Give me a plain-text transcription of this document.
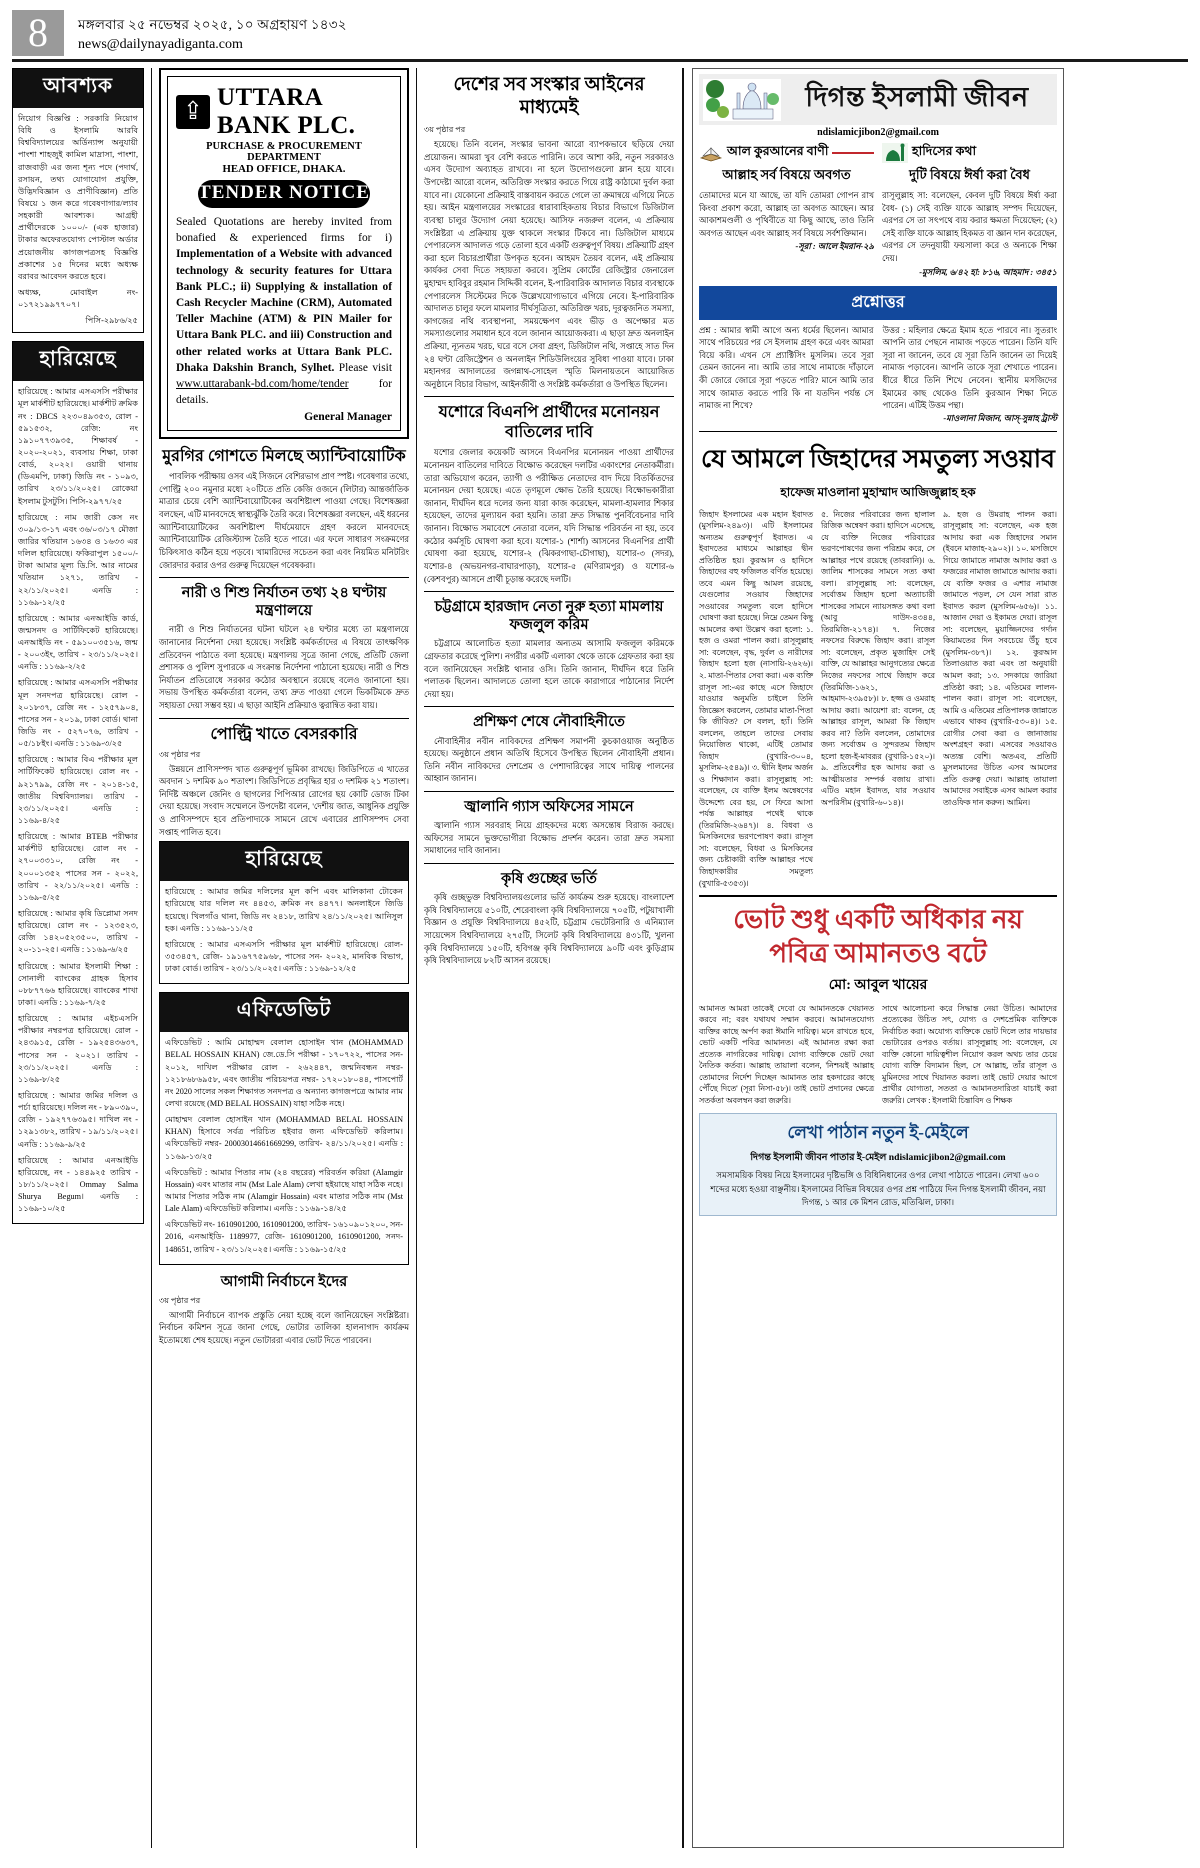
8	মঙ্গলবার ২৫ নভেম্বর ২০২৫, ১০ অগ্রহায়ণ ১৪৩২
news@dailynayadiganta.com
আবশ্যক
নিয়োগ বিজ্ঞপ্তি : সরকারি নিয়োগ বিধি ও ইসলামি আরবি বিশ্ববিদ্যালয়ের অর্ডিন্যান্স অনুযায়ী পাংশা শাহজুই কামিল মাদ্রাসা, পাংশা, রাজবাড়ী এর জন্য শূন্য পদে (পদার্থ, রসায়ন, তথ্য যোগাযোগ প্রযুক্তি, উদ্ভিদবিজ্ঞান ও প্রাণীবিজ্ঞান) প্রতি বিষয়ে ১ জন করে গবেষণাগার/ল্যাব সহকারী আবশ্যক। আগ্রহী প্রার্থীদেরকে ১০০০/- (এক হাজার) টাকার অফেরতযোগ্য পোস্টাল অর্ডার প্রয়োজনীয় কাগজপত্রসহ বিজ্ঞপ্তি প্রকাশের ১৫ দিনের মধ্যে অধ্যক্ষ বরাবর আবেদন করতে হবে।
অধ্যক্ষ, মোবাইল নং- ০১৭২১৯৯৭৭০৭।
পিসি-২৯৮৬/২৫
হারিয়েছে
হারিয়েছে : আমার এসএসসি পরীক্ষার মূল মার্কশীট হারিয়েছে। মার্কশীট ক্রমিক নং : DBCS ২২৩০৪৯৩৫৩, রোল - ৫৯১৫৩২, রেজি: নং ১৯১০৭৭৩৯৩৫, শিক্ষাবর্ষ - ২০২০-২০২১, ব্যবসায় শিক্ষা, ঢাকা বোর্ড, ২০২২। ওয়ারী থানায় (ডিএমপি, ঢাকা) জিডি নং - ১০৯৩, তারিখ ২৩/১১/২০২৫। রোকেয়া ইসলাম টুসটুসি। পিসি-২৯৭৭/২৫
হারিয়েছে : নাম জারী কেস নং ৩০৯/১৩-১৭ এবং ৩৬/০৩/১৭ মৌজা জারির খতিয়ান ১৬৩৪ ও ১৬৩৩ এর দলিল হারিয়েছে। ফকিরাপুল ১৫০০/- টাকা আমার মূল্য ডি.সি. আর নামের খতিয়ান ১২৭১, তারিখ - ২২/১১/২০২৫। এনডি : ১১৬৯-১২/২৫
হারিয়েছে : আমার এনআইডি কার্ড, জন্মসনদ ও সার্টিফিকেট হারিয়েছে। এনআইডি নং - ৫৯১০০৩৫১৬, জন্ম - ২০০৩ইং, তারিখ - ২৩/১১/২০২৫। এনডি : ১১৬৯-২/২৫
হারিয়েছে : আমার এসএসসি পরীক্ষার মূল সনদপত্র হারিয়েছে। রোল - ২০১৮৩৭, রেজি নং - ১২৫৭৯০৪, পাসের সন - ২০১৯, ঢাকা বোর্ড। থানা জিডি নং - ৫২৭০৭৬, তারিখ - ০৫/১৮ইং। এনডি : ১১৬৯-৩/২৫
হারিয়েছে : আমার বিএ পরীক্ষার মূল সার্টিফিকেট হারিয়েছে। রোল নং - ৯২১৭৯৯, রেজি নং - ২০১৪-১৫, জাতীয় বিশ্ববিদ্যালয়। তারিখ - ২৩/১১/২০২৫। এনডি : ১১৬৯-৪/২৫
হারিয়েছে : আমার BTEB পরীক্ষার মার্কশীট হারিয়েছে। রোল নং - ২৭০০৩৩১০, রেজি নং - ২০০০১৩৫২ পাসের সন - ২০২২, তারিখ - ২২/১১/২০২৫। এনডি : ১১৬৯-৫/২৫
হারিয়েছে : আমার কৃষি ডিপ্লোমা সনদ হারিয়েছে। রোল নং - ১২৩৫২৩, রেজি ১৪২০৫২৩৫০০, তারিখ - ২০-১১-২৫। এনডি : ১১৬৯-৬/২৫
হারিয়েছে : আমার ইসলামী শিক্ষা : সোনালী ব্যাংকের গ্রাহক হিসাব ০৮৮৭৭৬৬ হারিয়েছে। ব্যাংকের শাখা ঢাকা। এনডি : ১১৬৯-৭/২৫
হারিয়েছে : আমার এইচএসসি পরীক্ষার নম্বরপত্র হারিয়েছে। রোল - ২৪৩৯১৫, রেজি - ১৯২৫৪৩৬৩৭, পাসের সন - ২০২১। তারিখ - ২৩/১১/২০২৫। এনডি : ১১৬৯-৮/২৫
হারিয়েছে : আমার জমির দলিল ও পর্চা হারিয়েছে। দলিল নং - ৮৯০৩৯০, রেজি - ১৯২৭৭৬৩৯৫। দাখিল নং - ১২৯১৩৮২, তারিখ - ১৯/১১/২০২৫। এনডি : ১১৬৯-৯/২৫
হারিয়েছে : আমার এনআইডি হারিয়েছে, নং - ১৪৪৯২৫ তারিখ - ১৮/১১/২০২৫। Ommay Salma Shurya Begum। এনডি : ১১৬৯-১০/২৫
⇪
UTTARA BANK PLC.
PURCHASE & PROCUREMENT DEPARTMENT
HEAD OFFICE, DHAKA.
TENDER NOTICE
Sealed Quotations are hereby invited from bonafied & experienced firms for i) Implementation of a Website with advanced technology & security features for Uttara Bank PLC.; ii) Supplying & installation of Cash Recycler Machine (CRM), Automated Teller Machine (ATM) & PIN Mailer for Uttara Bank PLC. and iii) Construction and other related works at Uttara Bank PLC. Dhaka Dakshin Branch, Sylhet. Please visit www.uttarabank-bd.com/home/tender for details.
General Manager
মুরগির গোশতে মিলছে অ্যান্টিবায়োটিক

পাবলিক পরীক্ষায় ওসব এই সিজনে বেশিরভাগ প্রাণ স্পষ্ট। গবেষণার তথ্যে, পোল্ট্রি ২০০ নমুনার মধ্যে ২০টিতে প্রতি কেজি ওজনে (লিটার) আন্তর্জাতিক মাত্রার চেয়ে বেশি অ্যান্টিবায়োটিকের অবশিষ্টাংশ পাওয়া গেছে। বিশেষজ্ঞরা বলছেন, এটি মানবদেহে স্বাস্থ্যঝুঁকি তৈরি করে। বিশেষজ্ঞরা বলছেন, এই ধরনের অ্যান্টিবায়োটিকের অবশিষ্টাংশ দীর্ঘমেয়াদে গ্রহণ করলে মানবদেহে অ্যান্টিবায়োটিক রেজিস্ট্যান্স তৈরি হতে পারে। এর ফলে সাধারণ সংক্রমণের চিকিৎসাও কঠিন হয়ে পড়বে। খামারিদের সচেতন করা এবং নিয়মিত মনিটরিং জোরদার করার ওপর গুরুত্ব দিয়েছেন গবেষকরা।

নারী ও শিশু নির্যাতন তথ্য ২৪ ঘণ্টায় মন্ত্রণালয়ে

নারী ও শিশু নির্যাতনের ঘটনা ঘটলে ২৪ ঘণ্টার মধ্যে তা মন্ত্রণালয়ে জানানোর নির্দেশনা দেয়া হয়েছে। সংশ্লিষ্ট কর্মকর্তাদের এ বিষয়ে তাৎক্ষণিক প্রতিবেদন পাঠাতে বলা হয়েছে। মন্ত্রণালয় সূত্রে জানা গেছে, প্রতিটি জেলা প্রশাসক ও পুলিশ সুপারকে এ সংক্রান্ত নির্দেশনা পাঠানো হয়েছে। নারী ও শিশু নির্যাতন প্রতিরোধে সরকার কঠোর অবস্থানে রয়েছে বলেও জানানো হয়। সভায় উপস্থিত কর্মকর্তারা বলেন, তথ্য দ্রুত পাওয়া গেলে ভিকটিমকে দ্রুত সহায়তা দেয়া সম্ভব হয়। এ ছাড়া আইনি প্রক্রিয়াও ত্বরান্বিত করা যায়।

পোল্ট্রি খাতে বেসরকারি
৩য় পৃষ্ঠার পর

উন্নয়নে প্রাণিসম্পদ খাত গুরুত্বপূর্ণ ভূমিকা রাখছে। জিডিপিতে এ খাতের অবদান ১ দশমিক ৯০ শতাংশ। জিডিপিতে প্রবৃদ্ধির হার ৩ দশমিক ২১ শতাংশ। নির্দিষ্ট অঞ্চলে জেনিং ও ছাগলের পিপিআর রোগের ছয় কোটি ডোজ টিকা দেয়া হয়েছে। সংবাদ সম্মেলনে উপদেষ্টা বলেন, 'দেশীয় জাত, আধুনিক প্রযুক্তি ও প্রাণিসম্পদে হবে প্রতিপাদ্যকে সামনে রেখে এবারের প্রাণিসম্পদ সেবা সপ্তাহ পালিত হবে।

হারিয়েছে
হারিয়েছে : আমার জমির দলিলের মূল কপি এবং মালিকানা টোকেন হারিয়েছে যার দলিল নং ৪৪৫৩, ক্রমিক নং ৪৪৭৭। অনলাইনে জিডি হয়েছে। খিলগাঁও থানা, জিডি নং ২৪১৮, তারিখ ২৪/১১/২০২৫। আনিসুল হক। এনডি : ১১৬৯-১১/২৫
হারিয়েছে : আমার এসএসসি পরীক্ষার মূল মার্কশীট হারিয়েছে। রোল- ৩৫৩৪৫৭, রেজি- ১৯১৬৭৭৫৯৬৮, পাসের সন- ২০২২, মানবিক বিভাগ, ঢাকা বোর্ড। তারিখ - ২৩/১১/২০২৫। এনডি : ১১৬৯-১২/২৫
এফিডেভিট
এফিডেভিট : আমি মোহাম্মদ বেলাল হোসাইন খান (MOHAMMAD BELAL HOSSAIN KHAN) জে.ডে.সি পরীক্ষা - ১৭০৭২২, পাসের সন- ২০১২, দাখিল পরীক্ষার রোল - ২৬২৪৪৭, জন্মনিবন্ধন নম্বর- ১২১৮৬৮৬৯৫৮, এবং জাতীয় পরিচয়পত্র নম্বর- ১৭২০১৮০৪৪, পাসপোর্ট নং 2020 সালের সকল শিক্ষাগত সনদপত্র ও অন্যান্য কাগজপত্রে আমার নাম লেখা রয়েছে (MD BELAL HOSSAIN) যাহা সঠিক নহে।
মোহাম্মদ বেলাল হোসাইন খান (MOHAMMAD BELAL HOSSAIN KHAN) হিসাবে সর্বত্র পরিচিত হইবার জন্য এফিডেভিট করিলাম। এফিডেভিট নম্বর- 20003014661669299, তারিখ- ২৪/১১/২০২৫। এনডি : ১১৬৯-১৩/২৫
এফিডেভিট : আমার পিতার নাম (২৪ বছরের) পরিবর্তন করিয়া (Alamgir Hossain) এবং মাতার নাম (Mst Lale Alam) লেখা হইয়াছে যাহা সঠিক নহে। আমার পিতার সঠিক নাম (Alamgir Hossain) এবং মাতার সঠিক নাম (Mst Lale Alam) এফিডেভিট করিলাম। এনডি : ১১৬৯-১৪/২৫
এফিডেভিট নং- 1610901200, 1610901200, তারিখ- ১৬১০৯০১২০০, সন- 2016, এনআইডি- 1189977, রেজি- 1610901200, 1610901200, সনদ- 148651, তারিখ - ২৩/১১/২০২৫। এনডি : ১১৬৯-১৫/২৫
আগামী নির্বাচনে ইদের
৩য় পৃষ্ঠার পর

আগামী নির্বাচনে ব্যাপক প্রস্তুতি নেয়া হচ্ছে বলে জানিয়েছেন সংশ্লিষ্টরা। নির্বাচন কমিশন সূত্রে জানা গেছে, ভোটার তালিকা হালনাগাদ কার্যক্রম ইতোমধ্যে শেষ হয়েছে। নতুন ভোটাররা এবার ভোট দিতে পারবেন।

দেশের সব সংস্কার আইনের মাধ্যমেই
৩য় পৃষ্ঠার পর

হয়েছে। তিনি বলেন, সংস্কার ভাবনা আরো ব্যাপকভাবে ছড়িয়ে দেয়া প্রয়োজন। আমরা খুব বেশি করতে পারিনি। তবে আশা করি, নতুন সরকারও এসব উদ্যোগ অব্যাহত রাখবে। না হলে উদ্যোগগুলো ম্লান হয়ে যাবে। উপদেষ্টা আরো বলেন, অতিরিক্ত সংস্কার করতে গিয়ে রাষ্ট্র কাঠামো দুর্বল করা যাবে না। যেকোনো প্রক্রিয়াই বাস্তবায়ন করতে গেলে তা ক্রমান্বয়ে এগিয়ে নিতে হয়। আইন মন্ত্রণালয়ের সংস্কারের ধারাবাহিকতায় বিচার বিভাগে ডিজিটাল ব্যবস্থা চালুর উদ্যোগ নেয়া হয়েছে। আসিফ নজরুল বলেন, এ প্রক্রিয়ায় সংশ্লিষ্টরা এ প্রক্রিয়ায় যুক্ত থাকলে সংস্কার টিকবে না। ডিজিটাল মাধ্যমে পেপারলেস আদালত গড়ে তোলা হবে একটি গুরুত্বপূর্ণ বিষয়। প্রক্রিয়াটি গ্রহণ করা হলে বিচারপ্রার্থীরা উপকৃত হবেন। আহমদ তৈয়ব বলেন, এই প্রক্রিয়ায় কার্যকর সেবা দিতে সহায়তা করবে। সুপ্রিম কোর্টের রেজিস্ট্রার জেনারেল মুহাম্মদ হাবিবুর রহমান সিদ্দিকী বলেন, ই-পারিবারিক আদালত বিচার ব্যবস্থাকে পেপারলেস সিস্টেমের দিকে উল্লেখযোগ্যভাবে এগিয়ে নেবে। ই-পারিবারিক আদালত চালুর ফলে মামলার দীর্ঘসূত্রিতা, অতিরিক্ত খরচ, দূরত্বজনিত সমস্যা, কাগজের নথি ব্যবস্থাপনা, সময়ক্ষেপণ এবং ভীড় ও অপেক্ষার মত সমস্যাগুলোর সমাধান হবে বলে জানান আয়োজকরা। এ ছাড়া দ্রুত অনলাইন প্রক্রিয়া, ন্যূনতম খরচ, ঘরে বসে সেবা গ্রহণ, ডিজিটাল নথি, সপ্তাহে সাত দিন ২৪ ঘণ্টা রেজিস্ট্রেশন ও অনলাইন শিডিউলিংয়ের সুবিধা পাওয়া যাবে। ঢাকা মহানগর আদালতের জগন্নাথ-সোহেল স্মৃতি মিলনায়তনে আয়োজিত অনুষ্ঠানে বিচার বিভাগ, আইনজীবী ও সংশ্লিষ্ট কর্মকর্তারা ও উপস্থিত ছিলেন।

যশোরে বিএনপি প্রার্থীদের মনোনয়ন বাতিলের দাবি

যশোর জেলার কয়েকটি আসনে বিএনপির মনোনয়ন পাওয়া প্রার্থীদের মনোনয়ন বাতিলের দাবিতে বিক্ষোভ করেছেন দলটির একাংশের নেতাকর্মীরা। তারা অভিযোগ করেন, ত্যাগী ও পরীক্ষিত নেতাদের বাদ দিয়ে বিতর্কিতদের মনোনয়ন দেয়া হয়েছে। এতে তৃণমূলে ক্ষোভ তৈরি হয়েছে। বিক্ষোভকারীরা জানান, দীর্ঘদিন ধরে দলের জন্য যারা কাজ করেছেন, মামলা-হামলার শিকার হয়েছেন, তাদের মূল্যায়ন করা হয়নি। তারা দ্রুত সিদ্ধান্ত পুনর্বিবেচনার দাবি জানান। বিক্ষোভ সমাবেশে নেতারা বলেন, যদি সিদ্ধান্ত পরিবর্তন না হয়, তবে কঠোর কর্মসূচি ঘোষণা করা হবে। যশোর-১ (শার্শা) আসনের বিএনপির প্রার্থী ঘোষণা করা হয়েছে, যশোর-২ (ঝিকরগাছা-চৌগাছা), যশোর-৩ (সদর), যশোর-৪ (অভয়নগর-বাঘারপাড়া), যশোর-৫ (মণিরামপুর) ও যশোর-৬ (কেশবপুর) আসনে প্রার্থী চূড়ান্ত করেছে দলটি।

চট্টগ্রামে হারজাদ নেতা নুরু হত্যা মামলায় ফজলুল করিম

চট্টগ্রামে আলোচিত হত্যা মামলার অন্যতম আসামি ফজলুল করিমকে গ্রেফতার করেছে পুলিশ। নগরীর একটি এলাকা থেকে তাকে গ্রেফতার করা হয় বলে জানিয়েছেন সংশ্লিষ্ট থানার ওসি। তিনি জানান, দীর্ঘদিন ধরে তিনি পলাতক ছিলেন। আদালতে তোলা হলে তাকে কারাগারে পাঠানোর নির্দেশ দেয়া হয়।

প্রশিক্ষণ শেষে নৌবাহিনীতে

নৌবাহিনীর নবীন নাবিকদের প্রশিক্ষণ সমাপনী কুচকাওয়াজ অনুষ্ঠিত হয়েছে। অনুষ্ঠানে প্রধান অতিথি হিসেবে উপস্থিত ছিলেন নৌবাহিনী প্রধান। তিনি নবীন নাবিকদের দেশপ্রেম ও পেশাদারিত্বের সাথে দায়িত্ব পালনের আহ্বান জানান।

জ্বালানি গ্যাস অফিসের সামনে

জ্বালানি গ্যাস সরবরাহ নিয়ে গ্রাহকদের মধ্যে অসন্তোষ বিরাজ করছে। অফিসের সামনে ভুক্তভোগীরা বিক্ষোভ প্রদর্শন করেন। তারা দ্রুত সমস্যা সমাধানের দাবি জানান।

কৃষি গুচ্ছের ভর্তি

কৃষি গুচ্ছভুক্ত বিশ্ববিদ্যালয়গুলোর ভর্তি কার্যক্রম শুরু হয়েছে। বাংলাদেশ কৃষি বিশ্ববিদ্যালয়ে ৫১০টি, শেরেবাংলা কৃষি বিশ্ববিদ্যালয়ে ৭০৫টি, পটুয়াখালী বিজ্ঞান ও প্রযুক্তি বিশ্ববিদ্যালয়ে ৪৫২টি, চট্টগ্রাম ভেটেরিনারি ও এনিম্যাল সায়েন্সেস বিশ্ববিদ্যালয়ে ২৭৫টি, সিলেট কৃষি বিশ্ববিদ্যালয়ে ৪৩১টি, খুলনা কৃষি বিশ্ববিদ্যালয়ে ১৫০টি, হবিগঞ্জ কৃষি বিশ্ববিদ্যালয়ে ৯০টি এবং কুড়িগ্রাম কৃষি বিশ্ববিদ্যালয়ে ৮২টি আসন রয়েছে।

দিগন্ত ইসলামী জীবন
ndislamicjibon2@gmail.com
আল কুরআনের বাণী
আল্লাহ সর্ব বিষয়ে অবগত
তোমাদের মনে যা আছে, তা যদি তোমরা গোপন রাখ কিংবা প্রকাশ করো, আল্লাহ তা অবগত আছেন। আর আকাশমণ্ডলী ও পৃথিবীতে যা কিছু আছে, তাও তিনি অবগত আছেন এবং আল্লাহ সর্ব বিষয়ে সর্বশক্তিমান।
-সূরা : আলে ইমরান-২৯
হাদিসের কথা
দুটি বিষয়ে ঈর্ষা করা বৈধ
রাসূলুল্লাহ সা: বলেছেন, কেবল দুটি বিষয়ে ঈর্ষা করা বৈধ- (১) সেই ব্যক্তি যাকে আল্লাহ সম্পদ দিয়েছেন, এরপর সে তা সৎপথে ব্যয় করার ক্ষমতা দিয়েছেন; (২) সেই ব্যক্তি যাকে আল্লাহ হিকমত বা জ্ঞান দান করেছেন, এরপর সে তদনুযায়ী ফয়সালা করে ও অন্যকে শিক্ষা দেয়।
-মুসলিম, ৬/৪২ হা: ৮১৬, আহমাদ : ৩৪৫১
প্রশ্নোত্তর
প্রশ্ন : আমার স্বামী আগে অন্য ধর্মের ছিলেন। আমার সাথে পরিচয়ের পর সে ইসলাম গ্রহণ করে এবং আমরা বিয়ে করি। এখন সে প্র্যাক্টিসিং মুসলিম। তবে সূরা তেমন জানেন না। আমি তার সাথে নামাজে দাঁড়ালে কী জোরে জোরে সূরা পড়তে পারি? মানে আমি তার সাথে জামাত করতে পারি কি না যতদিন পর্যন্ত সে নামাজ না শিখে?
উত্তর : মহিলার ক্ষেত্রে ইমাম হতে পারবে না। সুতরাং আপনি তার পেছনে নামাজ পড়তে পারেন। তিনি যদি সূরা না জানেন, তবে যে সূরা তিনি জানেন তা দিয়েই নামাজ পড়াবেন। আপনি তাকে সূরা শেখাতে পারেন। ধীরে ধীরে তিনি শিখে নেবেন। স্থানীয় মসজিদের ইমামের কাছ থেকেও তিনি কুরআন শিক্ষা নিতে পারেন। এটিই উত্তম পন্থা।
-মাওলানা মিজান, আস্-সুন্নাহ ট্রাস্ট
যে আমলে জিহাদের সমতুল্য সওয়াব
হাফেজ মাওলানা মুহাম্মাদ আজিজুল্লাহ হক
জিহাদ ইসলামের এক মহান ইবাদত (মুসলিম-২৪৯৩)। এটি ইসলামের অন্যতম গুরুত্বপূর্ণ ইবাদত। এ ইবাদতের মাধ্যমে আল্লাহর দ্বীন প্রতিষ্ঠিত হয়। কুরআন ও হাদিসে জিহাদের বহু ফজিলত বর্ণিত হয়েছে। তবে এমন কিছু আমল রয়েছে, যেগুলোর সওয়াব জিহাদের সওয়াবের সমতুল্য বলে হাদিসে ঘোষণা করা হয়েছে। নিম্নে তেমন কিছু আমলের কথা উল্লেখ করা হলো: ১. হজ ও ওমরা পালন করা। রাসূলুল্লাহ সা: বলেছেন, বৃদ্ধ, দুর্বল ও নারীদের জিহাদ হলো হজ (নাসায়ি-২৬২৬)। ২. মাতা-পিতার সেবা করা। এক ব্যক্তি রাসূল সা:-এর কাছে এসে জিহাদে যাওয়ার অনুমতি চাইলে তিনি জিজ্ঞেস করলেন, তোমার মাতা-পিতা কি জীবিত? সে বলল, হ্যাঁ। তিনি বললেন, তাহলে তাদের সেবায় নিয়োজিত থাকো, এটিই তোমার জিহাদ (বুখারি-৩০০৪, মুসলিম-২৫৪৯)। ৩. দ্বীনি ইলম অর্জন ও শিক্ষাদান করা। রাসূলুল্লাহ সা: বলেছেন, যে ব্যক্তি ইলম অন্বেষণের উদ্দেশ্যে বের হয়, সে ফিরে আসা পর্যন্ত আল্লাহর পথেই থাকে (তিরমিজি-২৬৪৭)। ৪. বিধবা ও মিসকিনদের ভরণপোষণ করা। রাসূল সা: বলেছেন, বিধবা ও মিসকিনের জন্য চেষ্টাকারী ব্যক্তি আল্লাহর পথে জিহাদকারীর সমতুল্য (বুখারি-৫৩৫৩)।
৫. নিজের পরিবারের জন্য হালাল রিজিক অন্বেষণ করা। হাদিসে এসেছে, যে ব্যক্তি নিজের পরিবারের ভরণপোষণের জন্য পরিশ্রম করে, সে আল্লাহর পথে রয়েছে (তাবরানি)। ৬. জালিম শাসকের সামনে সত্য কথা বলা। রাসূলুল্লাহ সা: বলেছেন, সর্বোত্তম জিহাদ হলো অত্যাচারী শাসকের সামনে ন্যায়সঙ্গত কথা বলা (আবু দাউদ-৪৩৪৪, তিরমিজি-২১৭৪)। ৭. নিজের নফসের বিরুদ্ধে জিহাদ করা। রাসূল সা: বলেছেন, প্রকৃত মুজাহিদ সেই ব্যক্তি, যে আল্লাহর আনুগত্যের ক্ষেত্রে নিজের নফসের সাথে জিহাদ করে (তিরমিজি-১৬২১, আহমাদ-২৩৯৫৮)। ৮. হজ্জ ও ওমরাহ আদায় করা। আয়েশা রা: বলেন, হে আল্লাহর রাসূল, আমরা কি জিহাদ করব না? তিনি বললেন, তোমাদের জন্য সর্বোত্তম ও সুন্দরতম জিহাদ হলো হজ-ই-মাবরূর (বুখারি-১৫২০)। ৯. প্রতিবেশীর হক আদায় করা ও আত্মীয়তার সম্পর্ক বজায় রাখা। এটিও মহান ইবাদত, যার সওয়াব অপরিসীম (বুখারি-৬০১৪)।
৯. হজ ও উমরাহ পালন করা। রাসূলুল্লাহ সা: বলেছেন, এক হজ আদায় করা এক জিহাদের সমান (ইবনে মাজাহ-২৯০২)। ১০. মসজিদে গিয়ে জামাতে নামাজ আদায় করা ও ফজরের নামাজ জামাতে আদায় করা। যে ব্যক্তি ফজর ও এশার নামাজ জামাতে পড়ল, সে যেন সারা রাত ইবাদত করল (মুসলিম-৬৫৬)। ১১. আজান দেয়া ও ইকামত দেয়া। রাসূল সা: বলেছেন, মুয়াজ্জিনদের গর্দান কিয়ামতের দিন সবচেয়ে উঁচু হবে (মুসলিম-৩৮৭)। ১২. কুরআন তিলাওয়াত করা এবং তা অনুযায়ী আমল করা; ১৩. সদকায়ে জারিয়া প্রতিষ্ঠা করা; ১৪. এতিমের লালন-পালন করা। রাসূল সা: বলেছেন, আমি ও এতিমের প্রতিপালক জান্নাতে এভাবে থাকব (বুখারি-৫৩০৪)। ১৫. রোগীর সেবা করা ও জানাজায় অংশগ্রহণ করা। এসবের সওয়াবও অত্যন্ত বেশি। অতএব, প্রতিটি মুসলমানের উচিত এসব আমলের প্রতি গুরুত্ব দেয়া। আল্লাহ তায়ালা আমাদের সবাইকে এসব আমল করার তাওফিক দান করুন। আমিন।
ভোট শুধু একটি অধিকার নয়
পবিত্র আমানতও বটে
মো: আবুল খায়ের
আমানত আমরা তাকেই দেবো যে আমানতকে খেয়ানত করবে না; বরং যথাযথ সম্মান করবে। আমানতযোগ্য ব্যক্তির কাছে অর্পণ করা ঈমানি দায়িত্ব। মনে রাখতে হবে, ভোট একটি পবিত্র আমানত। এই আমানত রক্ষা করা প্রত্যেক নাগরিকের দায়িত্ব। যোগ্য ব্যক্তিকে ভোট দেয়া নৈতিক কর্তব্য। আল্লাহ তায়ালা বলেন, 'নিশ্চয়ই আল্লাহ তোমাদের নির্দেশ দিচ্ছেন আমানত তার হকদারের কাছে পৌঁছে দিতে' (সূরা নিসা-৫৮)। তাই ভোট প্রদানের ক্ষেত্রে সতর্কতা অবলম্বন করা জরুরি।
সাথে আলোচনা করে সিদ্ধান্ত নেয়া উচিত। আমাদের প্রত্যেকের উচিত সৎ, যোগ্য ও দেশপ্রেমিক ব্যক্তিকে নির্বাচিত করা। অযোগ্য ব্যক্তিকে ভোট দিলে তার দায়ভার ভোটারের ওপরও বর্তায়। রাসূলুল্লাহ সা: বলেছেন, যে ব্যক্তি কোনো দায়িত্বশীল নিয়োগ করল অথচ তার চেয়ে যোগ্য ব্যক্তি বিদ্যমান ছিল, সে আল্লাহ, তাঁর রাসূল ও মুমিনদের সাথে খিয়ানত করল। তাই ভোট দেয়ার আগে প্রার্থীর যোগ্যতা, সততা ও আমানতদারিতা যাচাই করা জরুরি। লেখক : ইসলামী চিন্তাবিদ ও শিক্ষক
লেখা পাঠান নতুন ই-মেইলে
দিগন্ত ইসলামী জীবন পাতার ই-মেইল ndislamicjibon2@gmail.com
সমসাময়িক বিষয় নিয়ে ইসলামের দৃষ্টিভঙ্গি ও বিধিনিধানের ওপর লেখা পাঠাতে পারেন। লেখা ৬০০ শব্দের মধ্যে হওয়া বাঞ্ছনীয়। ইসলামের বিভিন্ন বিষয়ের ওপর প্রশ্ন পাঠিয়ে দিন দিগন্ত ইসলামী জীবন, নয়া দিগন্ত, ১ আর কে মিশন রোড, মতিঝিল, ঢাকা।
